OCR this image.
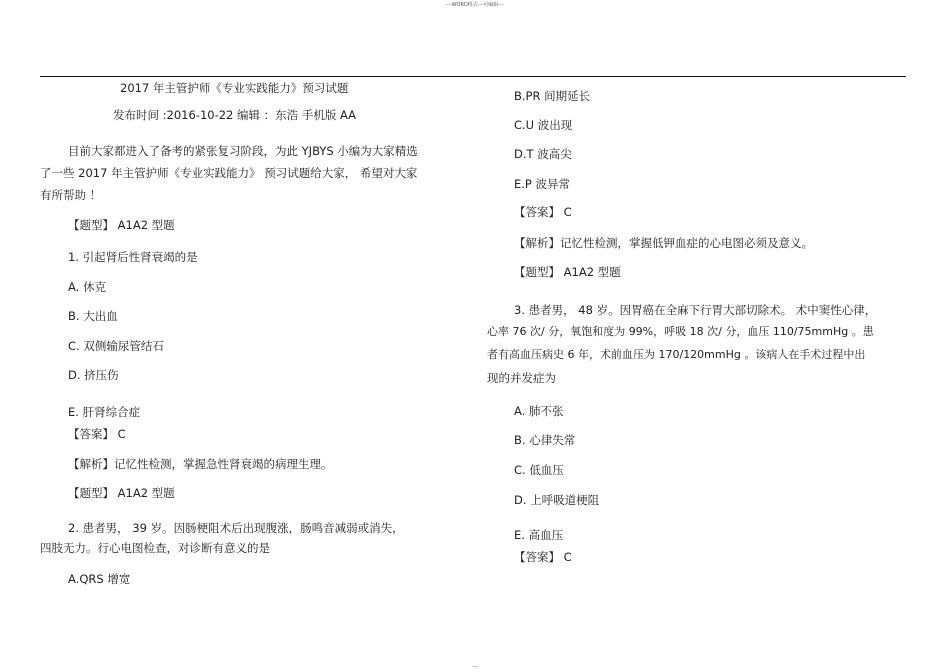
---WORD格式---可编辑---
2017 年主管护师《专业实践能力》预习试题
发布时间 :2016-10-22 编辑 ：东浩 手机版 AA
目前大家都进入了备考的紧张复习阶段，为此 YJBYS 小编为大家精选
了一些 2017 年主管护师《专业实践能力》 预习试题给大家， 希望对大家
有所帮助 ！
【题型】 A1A2 型题
1. 引起肾后性肾衰竭的是
A. 休克
B. 大出血
C. 双侧输尿管结石
D. 挤压伤
E. 肝肾综合症
【答案】 C
【解析】记忆性检测，掌握急性肾衰竭的病理生理。
【题型】 A1A2 型题
2. 患者男， 39 岁。因肠梗阻术后出现腹涨，肠鸣音减弱或消失，
四肢无力。行心电图检查，对诊断有意义的是
A.QRS 增宽
B.PR 间期延长
C.U 波出现
D.T 波高尖
E.P 波异常
【答案】 C
【解析】记忆性检测，掌握低钾血症的心电图必须及意义。
【题型】 A1A2 型题
3. 患者男， 48 岁。因胃癌在全麻下行胃大部切除术。 术中窦性心律，
心率 76 次/ 分，氧饱和度为 99%，呼吸 18 次/ 分，血压 110/75mmHg 。患
者有高血压病史 6 年，术前血压为 170/120mmHg 。该病人在手术过程中出
现的并发症为
A. 肺不张
B. 心律失常
C. 低血压
D. 上呼吸道梗阻
E. 高血压
【答案】 C
—
